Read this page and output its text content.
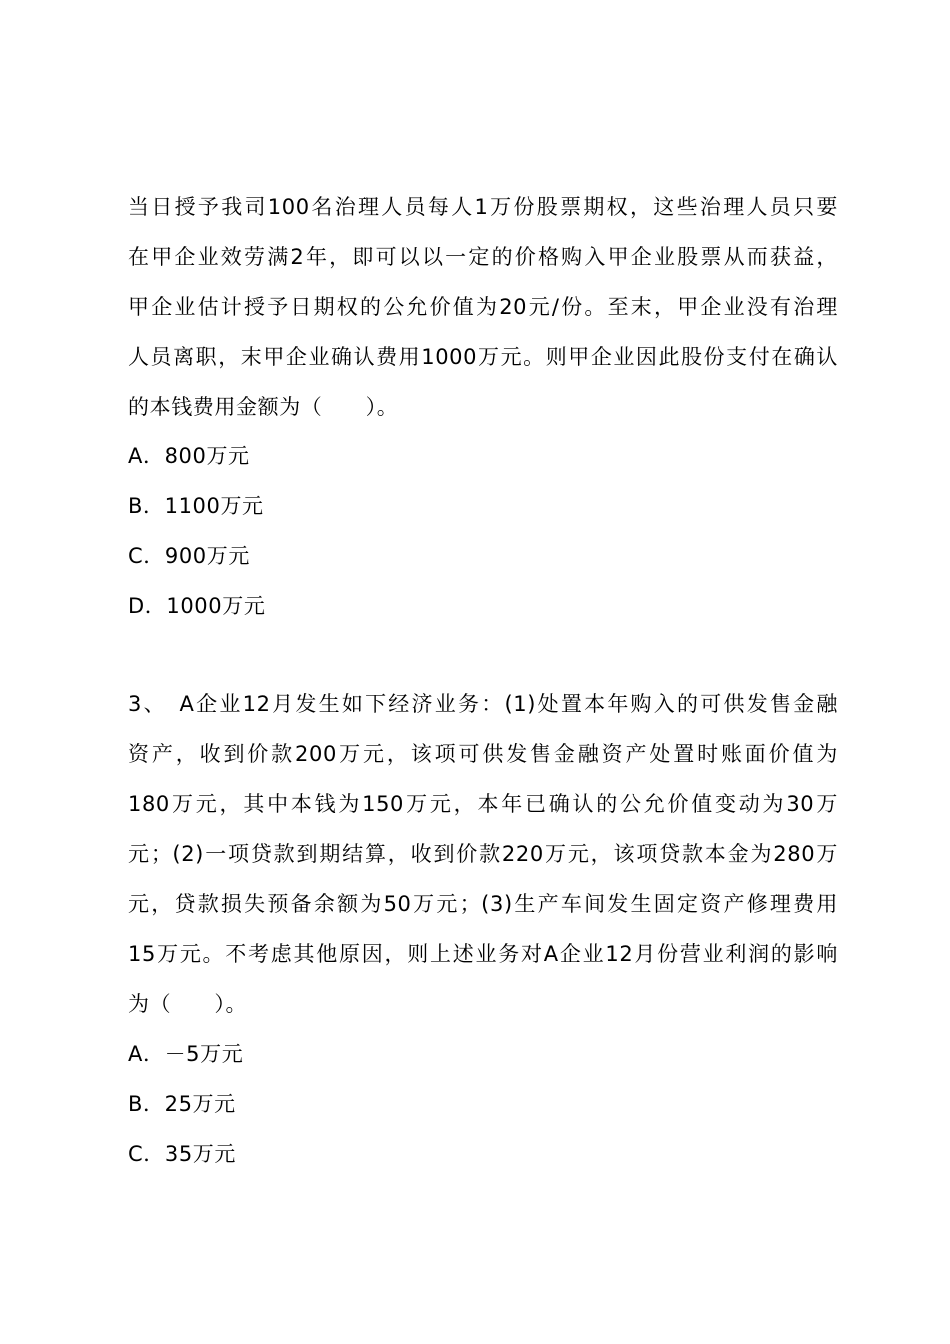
当日授予我司100名治理人员每人1万份股票期权，这些治理人员只要
在甲企业效劳满2年，即可以以一定的价格购入甲企业股票从而获益，
甲企业估计授予日期权的公允价值为20元/份。至末，甲企业没有治理
人员离职，末甲企业确认费用1000万元。则甲企业因此股份支付在确认
的本钱费用金额为（　　）。
A．800万元
B．1100万元
C．900万元
D．1000万元
3、　A企业12月发生如下经济业务：(1)处置本年购入的可供发售金融
资产，收到价款200万元，该项可供发售金融资产处置时账面价值为
180万元，其中本钱为150万元，本年已确认的公允价值变动为30万
元；(2)一项贷款到期结算，收到价款220万元，该项贷款本金为280万
元，贷款损失预备余额为50万元；(3)生产车间发生固定资产修理费用
15万元。不考虑其他原因，则上述业务对A企业12月份营业利润的影响
为（　　）。
A．－5万元
B．25万元
C．35万元
